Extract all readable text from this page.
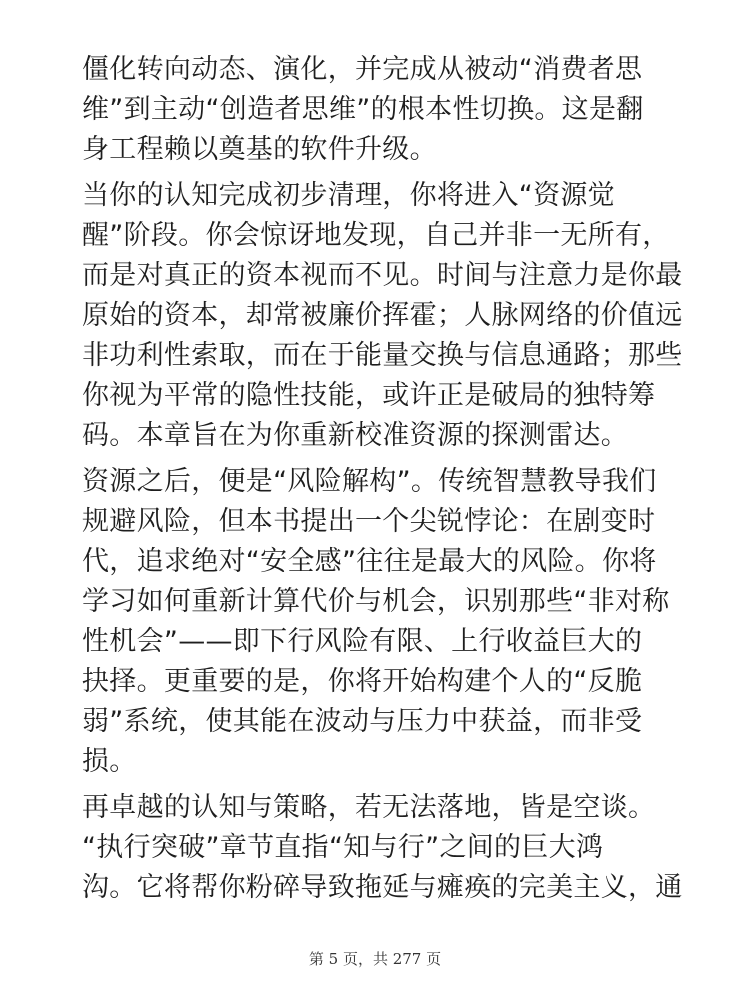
僵化转向动态、演化，并完成从被动“消费者思
维”到主动“创造者思维”的根本性切换。这是翻
身工程赖以奠基的软件升级。
当你的认知完成初步清理，你将进入“资源觉
醒”阶段。你会惊讶地发现，自己并非一无所有，
而是对真正的资本视而不见。时间与注意力是你最
原始的资本，却常被廉价挥霍；人脉网络的价值远
非功利性索取，而在于能量交换与信息通路；那些
你视为平常的隐性技能，或许正是破局的独特筹
码。本章旨在为你重新校准资源的探测雷达。
资源之后，便是“风险解构”。传统智慧教导我们
规避风险，但本书提出一个尖锐悖论：在剧变时
代，追求绝对“安全感”往往是最大的风险。你将
学习如何重新计算代价与机会，识别那些“非对称
性机会”——即下行风险有限、上行收益巨大的
抉择。更重要的是，你将开始构建个人的“反脆
弱”系统，使其能在波动与压力中获益，而非受
损。
再卓越的认知与策略，若无法落地，皆是空谈。
“执行突破”章节直指“知与行”之间的巨大鸿
沟。它将帮你粉碎导致拖延与瘫痪的完美主义，通
第 5 页，共 277 页
